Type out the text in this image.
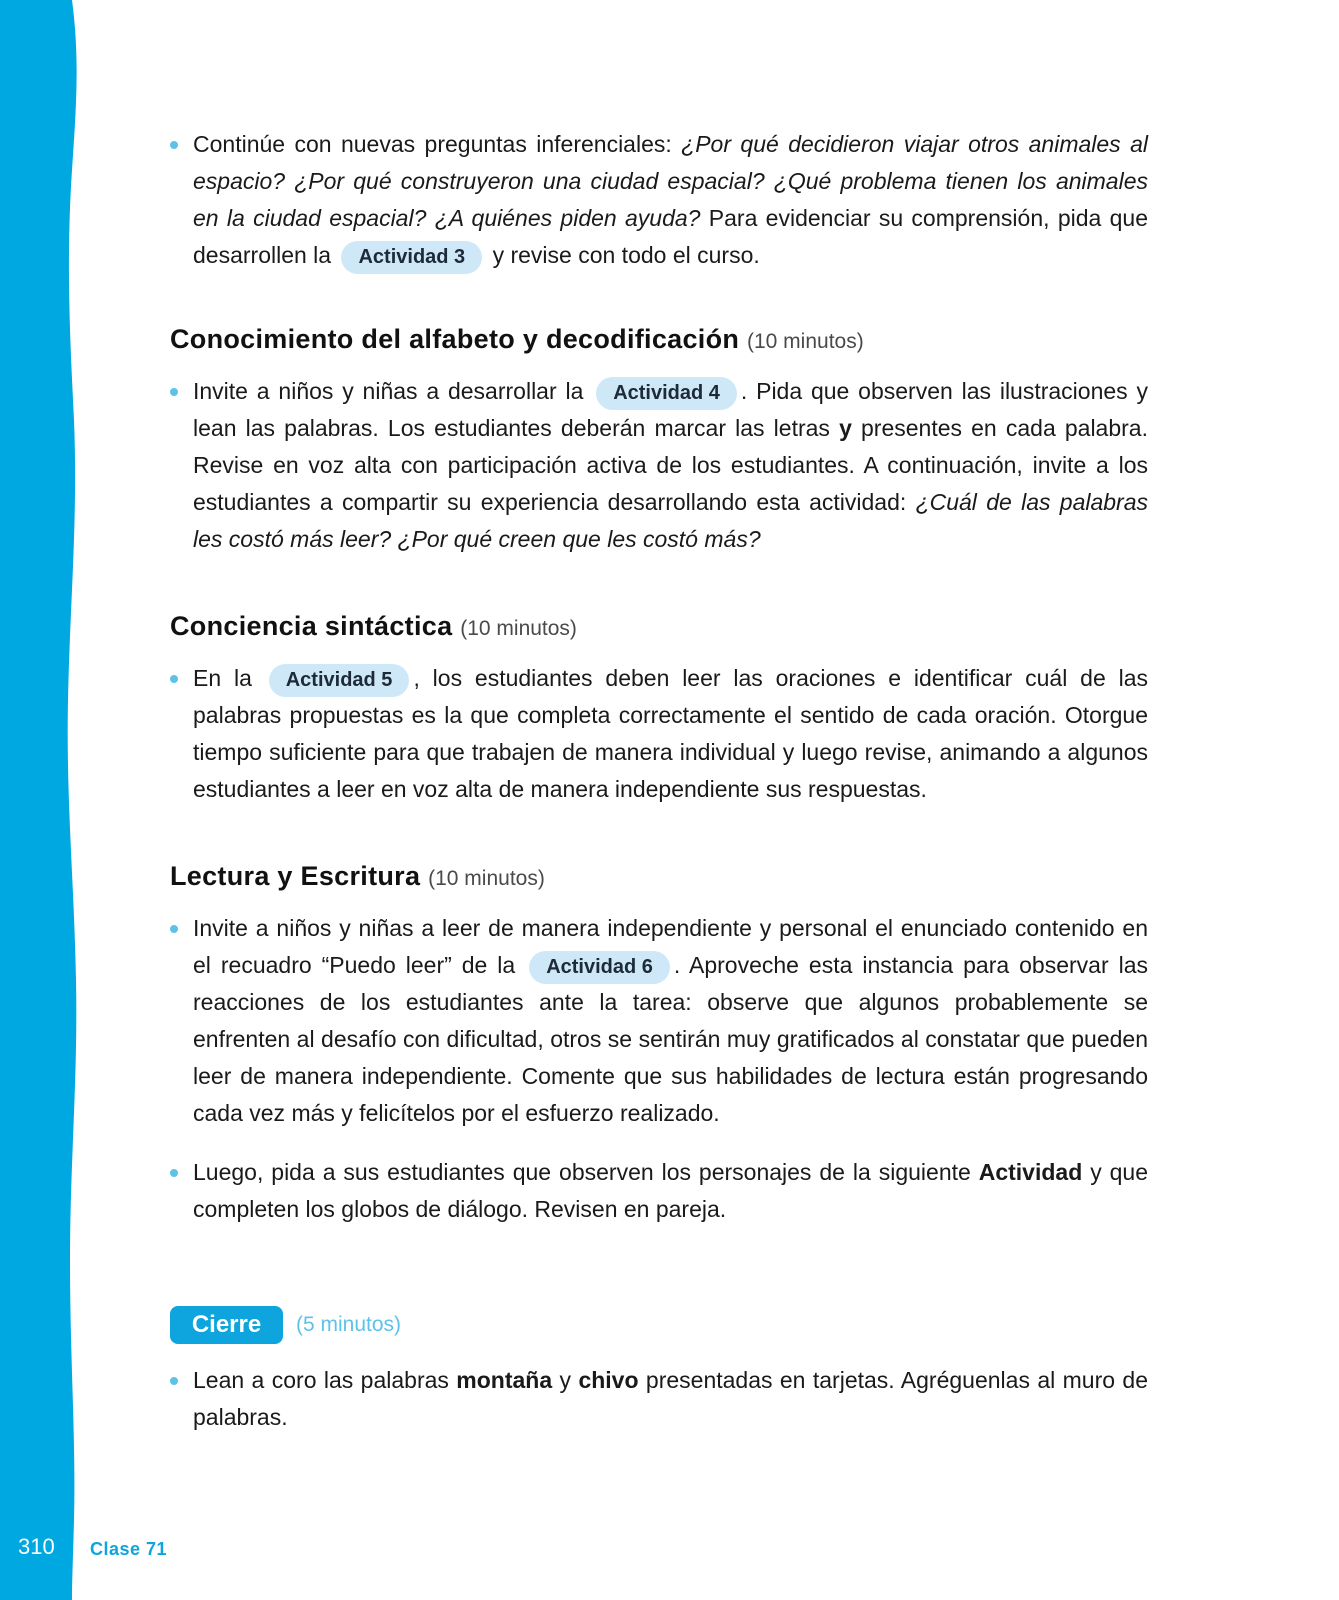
Continúe con nuevas preguntas inferenciales: ¿Por qué decidieron viajar otros animales al espacio? ¿Por qué construyeron una ciudad espacial? ¿Qué problema tienen los animales en la ciudad espacial? ¿A quiénes piden ayuda? Para evidenciar su comprensión, pida que desarrollen la Actividad 3 y revise con todo el curso.

Conocimiento del alfabeto y decodificación (10 minutos)

Invite a niños y niñas a desarrollar la Actividad 4 . Pida que observen las ilustraciones y lean las palabras. Los estudiantes deberán marcar las letras y presentes en cada palabra. Revise en voz alta con participación activa de los estudiantes. A continuación, invite a los estudiantes a compartir su experiencia desarrollando esta actividad: ¿Cuál de las palabras les costó más leer? ¿Por qué creen que les costó más?

Conciencia sintáctica (10 minutos)

En la Actividad 5 , los estudiantes deben leer las oraciones e identificar cuál de las palabras propuestas es la que completa correctamente el sentido de cada oración. Otorgue tiempo suficiente para que trabajen de manera individual y luego revise, animando a algunos estudiantes a leer en voz alta de manera independiente sus respuestas.

Lectura y Escritura (10 minutos)

Invite a niños y niñas a leer de manera independiente y personal el enunciado contenido en el recuadro “Puedo leer” de la Actividad 6 . Aproveche esta instancia para observar las reacciones de los estudiantes ante la tarea: observe que algunos probablemente se enfrenten al desafío con dificultad, otros se sentirán muy gratificados al constatar que pueden leer de manera independiente. Comente que sus habilidades de lectura están progresando cada vez más y felicítelos por el esfuerzo realizado.

Luego, pida a sus estudiantes que observen los personajes de la siguiente Actividad y que completen los globos de diálogo. Revisen en pareja.

Cierre	(5 minutos)

Lean a coro las palabras montaña y chivo presentadas en tarjetas. Agréguenlas al muro de palabras.

310 Clase 71
